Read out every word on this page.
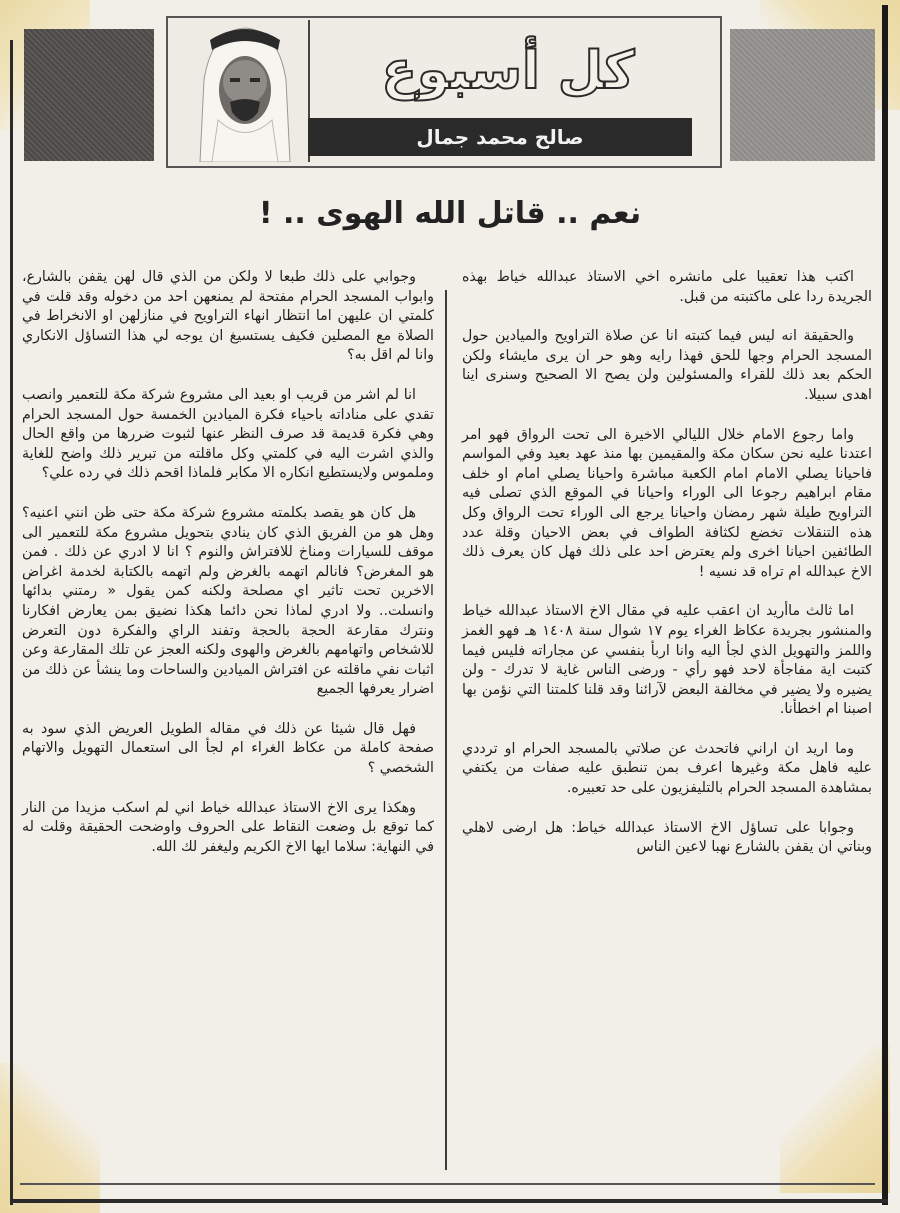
كل أسبوع
صالح محمد جمال
نعم .. قاتل الله الهوى .. !

اكتب هذا تعقيبا على مانشره اخي الاستاذ عبدالله خياط بهذه الجريدة ردا على ماكتبته من قبل.

والحقيقة انه ليس فيما كتبته انا عن صلاة التراويح والميادين حول المسجد الحرام وجها للحق فهذا رايه وهو حر ان يرى مايشاء ولكن الحكم بعد ذلك للقراء والمسئولين ولن يصح الا الصحيح وسنرى اينا اهدى سبيلا.

واما رجوع الامام خلال الليالي الاخيرة الى تحت الرواق فهو امر اعتدنا عليه نحن سكان مكة والمقيمين بها منذ عهد بعيد وفي المواسم فاحيانا يصلي الامام امام الكعبة مباشرة واحيانا يصلي امام او خلف مقام ابراهيم رجوعا الى الوراء واحيانا في الموقع الذي تصلى فيه التراويح طيلة شهر رمضان واحيانا يرجع الى الوراء تحت الرواق وكل هذه التنقلات تخضع لكثافة الطواف في بعض الاحيان وقلة عدد الطائفين احيانا اخرى ولم يعترض احد على ذلك فهل كان يعرف ذلك الاخ عبدالله ام تراه قد نسيه !

اما ثالث ماأريد ان اعقب عليه في مقال الاخ الاستاذ عبدالله خياط والمنشور بجريدة عكاظ الغراء يوم ١٧ شوال سنة ١٤٠٨ هـ فهو الغمز واللمز والتهويل الذي لجأ اليه وانا اربأ بنفسي عن مجاراته فليس فيما كتبت اية مفاجأة لاحد فهو رأي - ورضى الناس غاية لا تدرك - ولن يضيره ولا يضير في مخالفة البعض لآرائنا وقد قلنا كلمتنا التي نؤمن بها اصبنا ام اخطأنا.

وما اريد ان اراني فاتحدث عن صلاتي بالمسجد الحرام او ترددي عليه فاهل مكة وغيرها اعرف بمن تنطبق عليه صفات من يكتفي بمشاهدة المسجد الحرام بالتليفزيون على حد تعبيره.

وجوابا على تساؤل الاخ الاستاذ عبدالله خياط: هل ارضى لاهلي وبناتي ان يقفن بالشارع نهبا لاعين الناس

وجوابي على ذلك طبعا لا ولكن من الذي قال لهن يقفن بالشارع، وابواب المسجد الحرام مفتحة لم يمنعهن احد من دخوله وقد قلت في كلمتي ان عليهن اما انتظار انهاء التراويح في منازلهن او الانخراط في الصلاة مع المصلين فكيف يستسيغ ان يوجه لي هذا التساؤل الانكاري وانا لم اقل به؟

انا لم اشر من قريب او بعيد الى مشروع شركة مكة للتعمير وانصب تقدي على مناداته باحياء فكرة الميادين الخمسة حول المسجد الحرام وهي فكرة قديمة قد صرف النظر عنها لثبوت ضررها من واقع الحال والذي اشرت اليه في كلمتي وكل ماقلته من تبرير ذلك واضح للغاية وملموس ولايستطيع انكاره الا مكابر فلماذا اقحم ذلك في رده علي؟

هل كان هو يقصد بكلمته مشروع شركة مكة حتى ظن انني اعنيه؟ وهل هو من الفريق الذي كان ينادي بتحويل مشروع مكة للتعمير الى موقف للسيارات ومناخ للافتراش والنوم ؟ انا لا ادري عن ذلك . فمن هو المغرض؟ فانالم اتهمه بالغرض ولم اتهمه بالكتابة لخدمة اغراض الاخرين تحت تاثير اي مصلحة ولكنه كمن يقول « رمتني بدائها وانسلت.. ولا ادري لماذا نحن دائما هكذا نضيق بمن يعارض افكارنا ونترك مقارعة الحجة بالحجة وتفند الراي والفكرة دون التعرض للاشخاص واتهامهم بالغرض والهوى ولكنه العجز عن تلك المقارعة وعن اثبات نفي ماقلته عن افتراش الميادين والساحات وما ينشأ عن ذلك من اضرار يعرفها الجميع

فهل قال شيئا عن ذلك في مقاله الطويل العريض الذي سود به صفحة كاملة من عكاظ الغراء ام لجأ الى استعمال التهويل والاتهام الشخصي ؟

وهكذا يرى الاخ الاستاذ عبدالله خياط اني لم اسكب مزيدا من النار كما توقع بل وضعت النقاط على الحروف واوضحت الحقيقة وقلت له في النهاية: سلاما ايها الاخ الكريم وليغفر لك الله.
